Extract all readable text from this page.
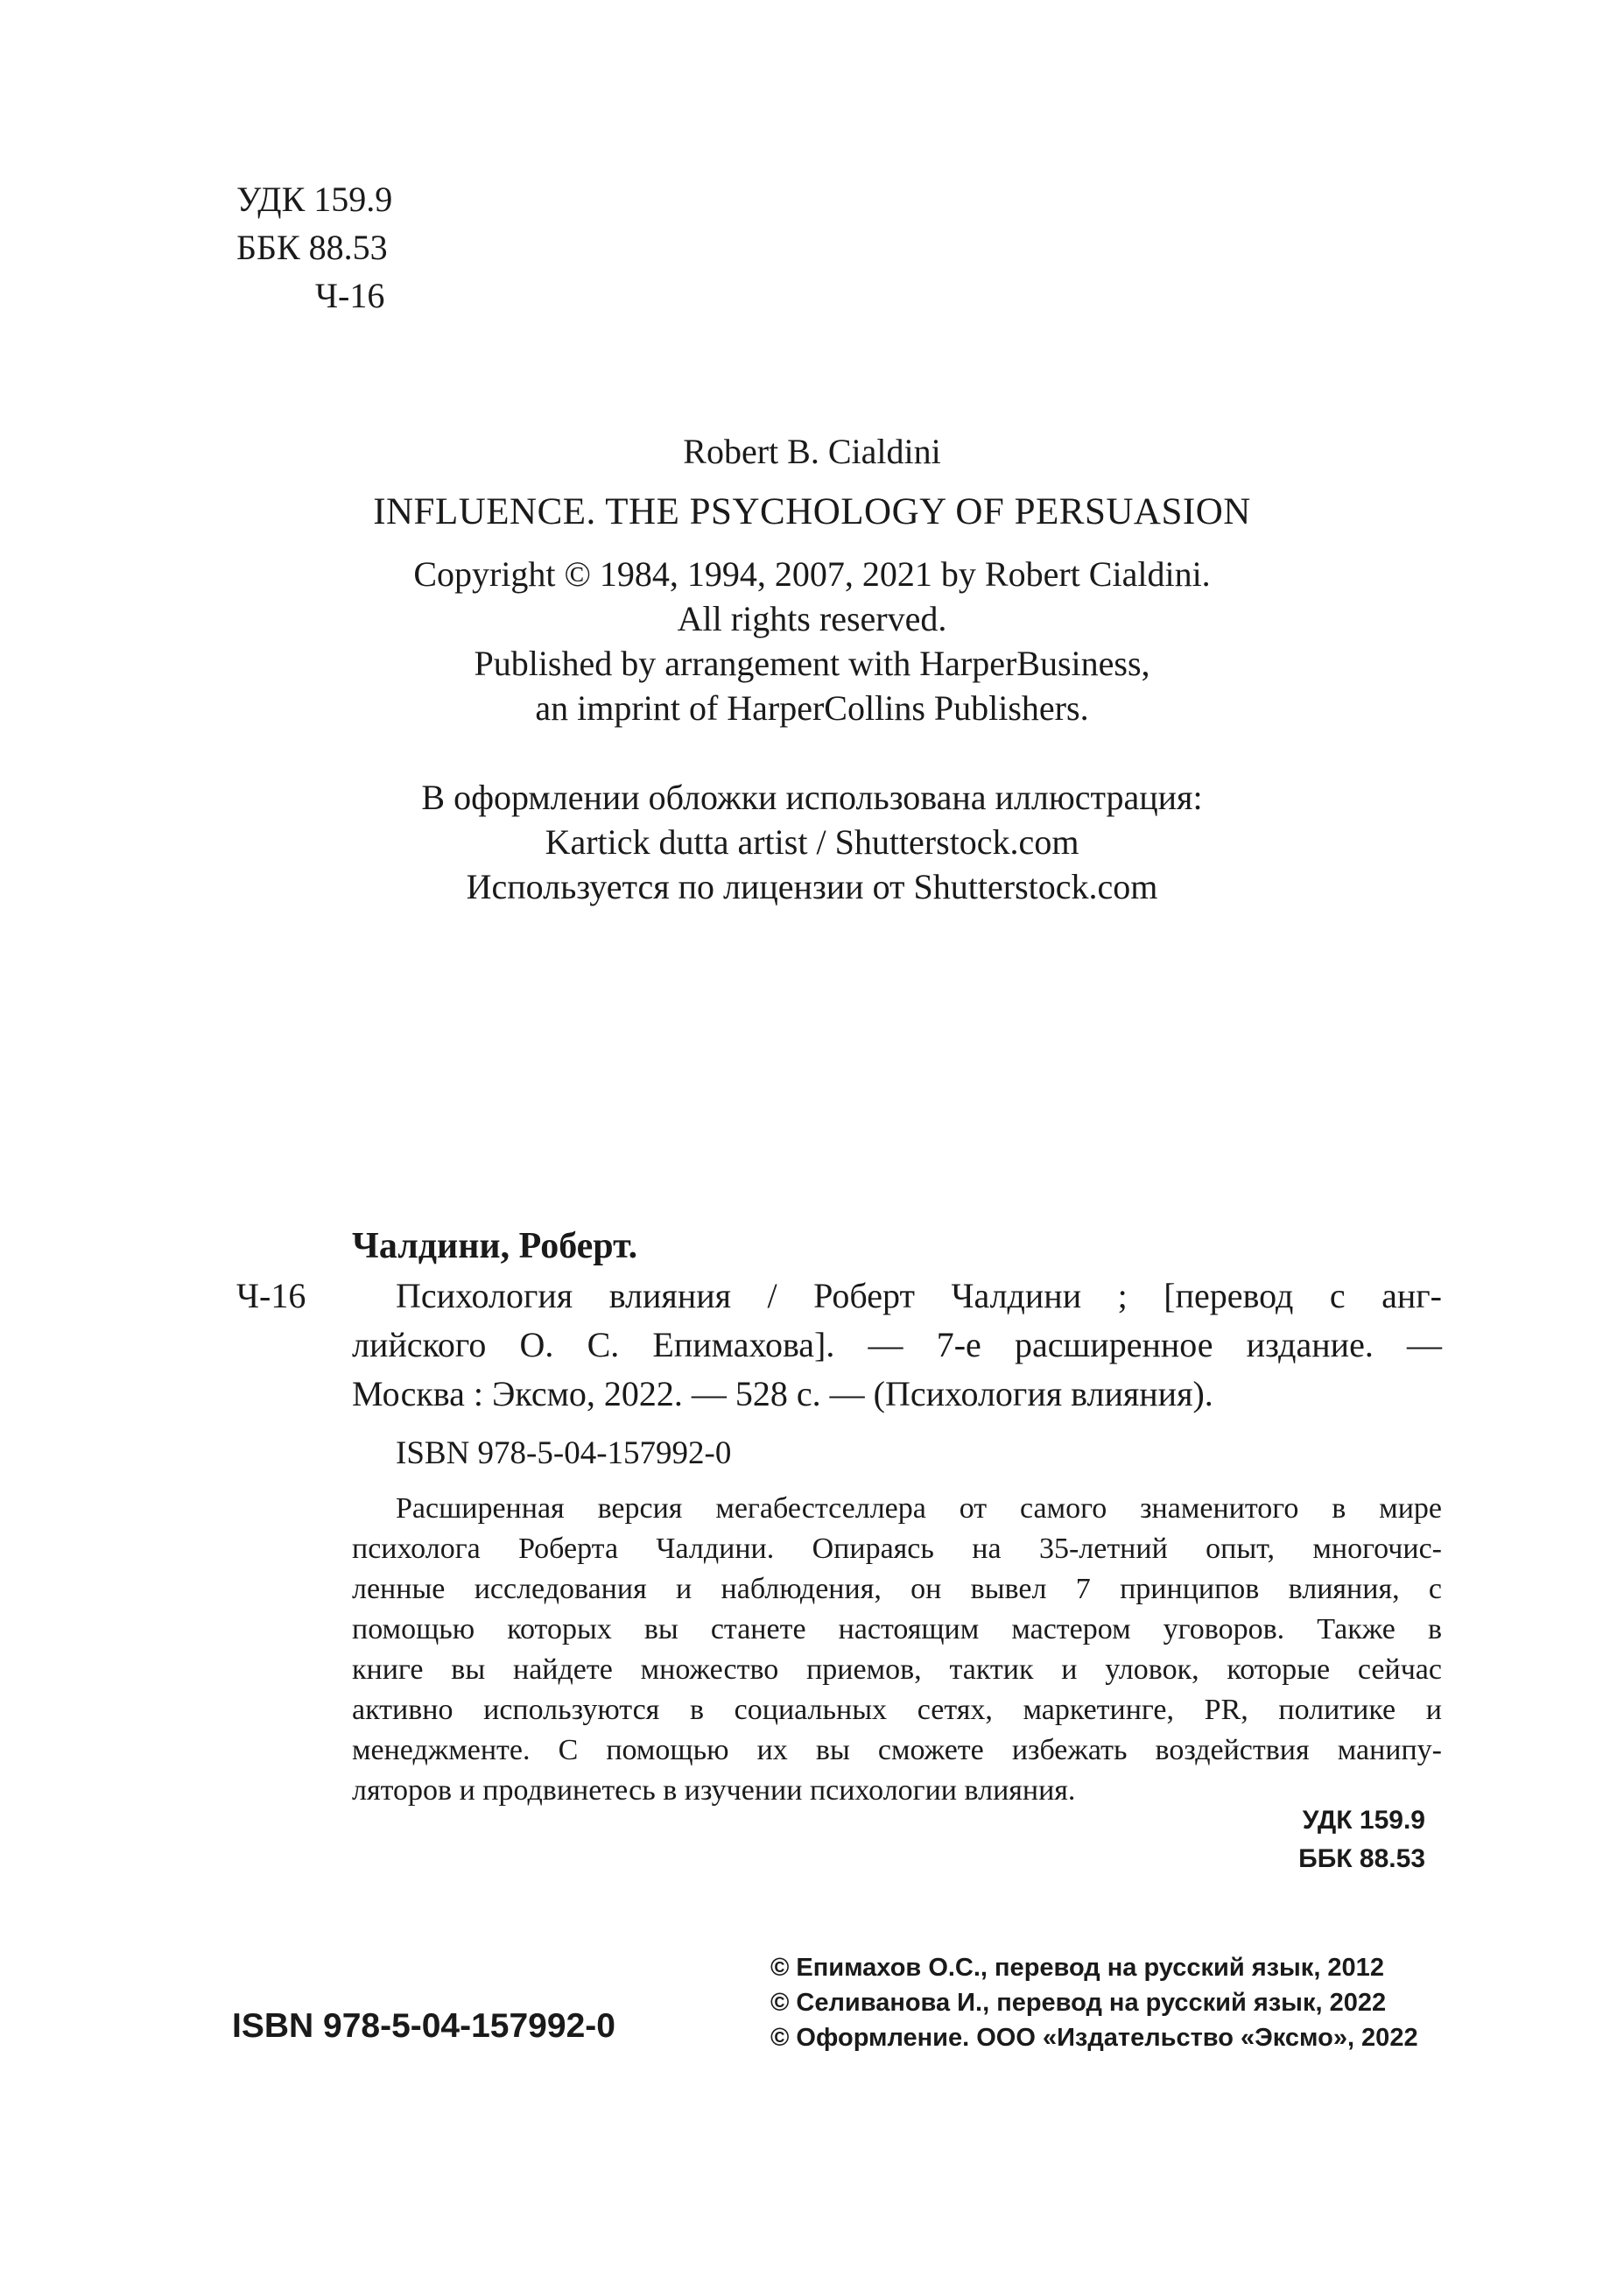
УДК 159.9
ББК 88.53
Ч-16
Robert B. Cialdini
INFLUENCE. THE PSYCHOLOGY OF PERSUASION
Copyright © 1984, 1994, 2007, 2021 by Robert Cialdini.
All rights reserved.
Published by arrangement with HarperBusiness,
an imprint of HarperCollins Publishers.
В оформлении обложки использована иллюстрация:
Kartick dutta artist / Shutterstock.com
Используется по лицензии от Shutterstock.com
Чалдини, Роберт.
Ч-16	Психология влияния / Роберт Чалдини ; [перевод с анг-
лийского О. С. Епимахова]. — 7-е расширенное издание. —
Москва : Эксмо, 2022. — 528 с. — (Психология влияния).
ISBN 978-5-04-157992-0
Расширенная версия мегабестселлера от самого знаменитого в мире
психолога Роберта Чалдини. Опираясь на 35-летний опыт, многочис-
ленные исследования и наблюдения, он вывел 7 принципов влияния, с
помощью которых вы станете настоящим мастером уговоров. Также в
книге вы найдете множество приемов, тактик и уловок, которые сейчас
активно используются в социальных сетях, маркетинге, PR, политике и
менеджменте. С помощью их вы сможете избежать воздействия манипу-
ляторов и продвинетесь в изучении психологии влияния.
УДК 159.9
ББК 88.53
ISBN 978-5-04-157992-0
© Епимахов О.С., перевод на русский язык, 2012
© Селиванова И., перевод на русский язык, 2022
© Оформление. ООО «Издательство «Эксмо», 2022
